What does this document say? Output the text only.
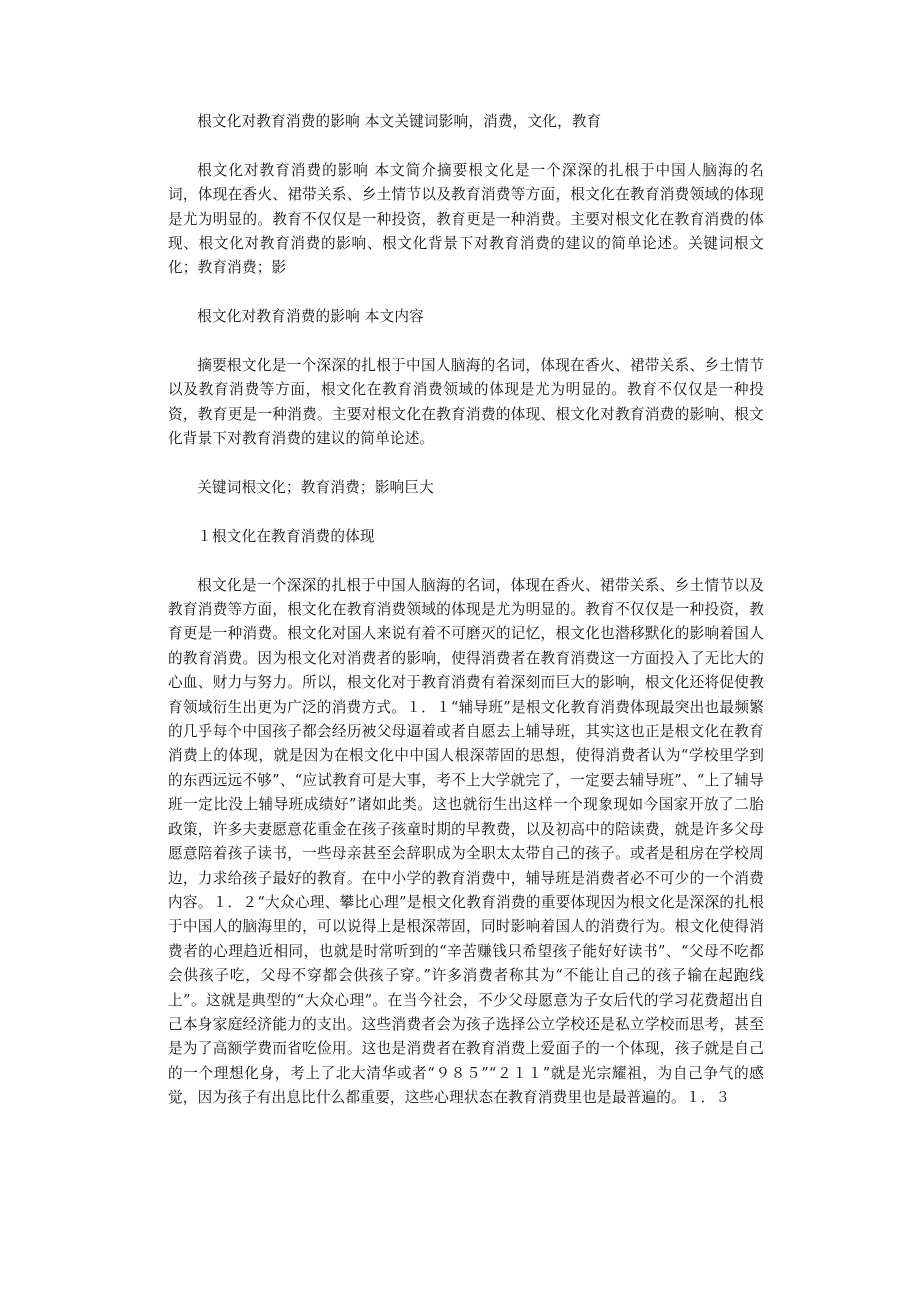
根文化对教育消费的影响 本文关键词影响，消费，文化，教育

根文化对教育消费的影响 本文简介摘要根文化是一个深深的扎根于中国人脑海的名词，体现在香火、裙带关系、乡土情节以及教育消费等方面，根文化在教育消费领域的体现是尤为明显的。教育不仅仅是一种投资，教育更是一种消费。主要对根文化在教育消费的体现、根文化对教育消费的影响、根文化背景下对教育消费的建议的简单论述。关键词根文化；教育消费；影

根文化对教育消费的影响 本文内容

摘要根文化是一个深深的扎根于中国人脑海的名词，体现在香火、裙带关系、乡土情节以及教育消费等方面，根文化在教育消费领域的体现是尤为明显的。教育不仅仅是一种投资，教育更是一种消费。主要对根文化在教育消费的体现、根文化对教育消费的影响、根文化背景下对教育消费的建议的简单论述。

关键词根文化；教育消费；影响巨大

１根文化在教育消费的体现

根文化是一个深深的扎根于中国人脑海的名词，体现在香火、裙带关系、乡土情节以及教育消费等方面，根文化在教育消费领域的体现是尤为明显的。教育不仅仅是一种投资，教育更是一种消费。根文化对国人来说有着不可磨灭的记忆，根文化也潜移默化的影响着国人的教育消费。因为根文化对消费者的影响，使得消费者在教育消费这一方面投入了无比大的心血、财力与努力。所以，根文化对于教育消费有着深刻而巨大的影响，根文化还将促使教育领域衍生出更为广泛的消费方式。１．１“辅导班”是根文化教育消费体现最突出也最频繁的几乎每个中国孩子都会经历被父母逼着或者自愿去上辅导班，其实这也正是根文化在教育消费上的体现，就是因为在根文化中中国人根深蒂固的思想，使得消费者认为“学校里学到的东西远远不够”、“应试教育可是大事，考不上大学就完了，一定要去辅导班”、“上了辅导班一定比没上辅导班成绩好”诸如此类。这也就衍生出这样一个现象现如今国家开放了二胎政策，许多夫妻愿意花重金在孩子孩童时期的早教费，以及初高中的陪读费，就是许多父母愿意陪着孩子读书，一些母亲甚至会辞职成为全职太太带自己的孩子。或者是租房在学校周边，力求给孩子最好的教育。在中小学的教育消费中，辅导班是消费者必不可少的一个消费内容。１．２“大众心理、攀比心理”是根文化教育消费的重要体现因为根文化是深深的扎根于中国人的脑海里的，可以说得上是根深蒂固，同时影响着国人的消费行为。根文化使得消费者的心理趋近相同，也就是时常听到的“辛苦赚钱只希望孩子能好好读书”、“父母不吃都会供孩子吃，父母不穿都会供孩子穿。”许多消费者称其为“不能让自己的孩子输在起跑线上”。这就是典型的“大众心理”。在当今社会，不少父母愿意为子女后代的学习花费超出自己本身家庭经济能力的支出。这些消费者会为孩子选择公立学校还是私立学校而思考，甚至是为了高额学费而省吃俭用。这也是消费者在教育消费上爱面子的一个体现，孩子就是自己的一个理想化身，考上了北大清华或者“９８５”“２１１”就是光宗耀祖，为自己争气的感觉，因为孩子有出息比什么都重要，这些心理状态在教育消费里也是最普遍的。１．３
